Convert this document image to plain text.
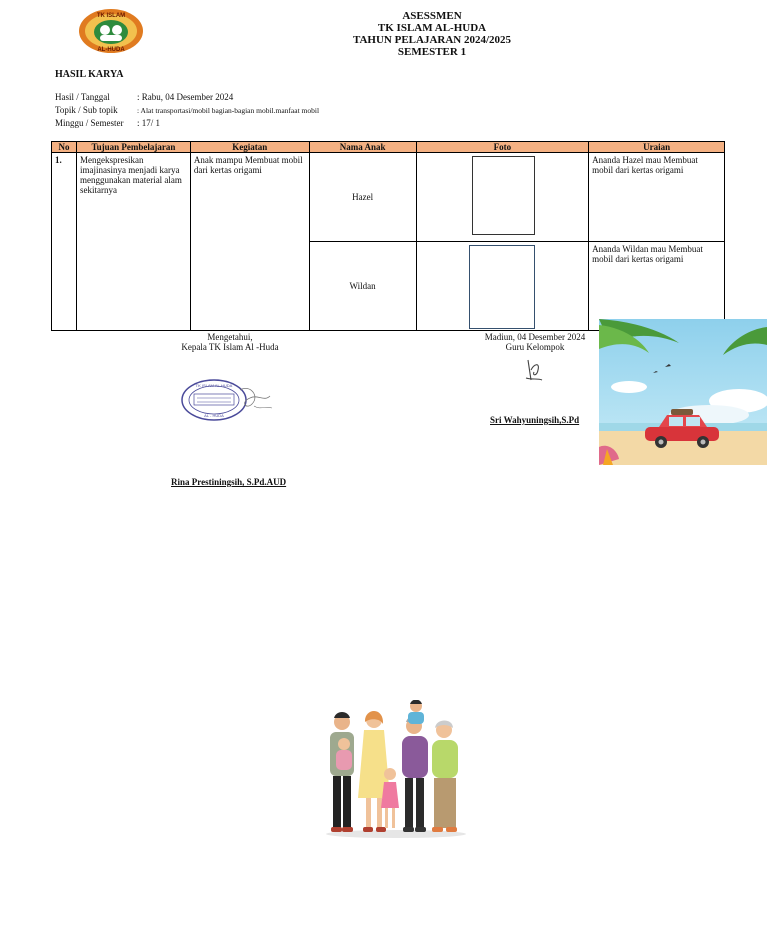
TK ISLAM
AL-HUDA
ASESSMEN
TK ISLAM AL-HUDA
TAHUN PELAJARAN 2024/2025
SEMESTER 1
HASIL KARYA
Hasil / Tanggal	: Rabu, 04 Desember 2024
Topik / Sub topik	: Alat transportasi/mobil bagian-bagian mobil.manfaat mobil
Minggu / Semester	: 17/ 1
No	Tujuan Pembelajaran	Kegiatan	Nama Anak	Foto	Uraian
1.	Mengekspresikan imajinasinya menjadi karya menggunakan material alam sekitarnya	Anak mampu Membuat mobil dari kertas origami	Hazel		Ananda Hazel mau Membuat mobil dari kertas origami
			Wildan		Ananda Wildan mau Membuat mobil dari kertas origami
Mengetahui,
Kepala TK Islam Al -Huda
Madiun, 04 Desember 2024
Guru Kelompok
TK ISLAM AL-HUDA
AL - HUDA	Sri Wahyuningsih,S.Pd
Rina Prestiningsih, S.Pd.AUD
